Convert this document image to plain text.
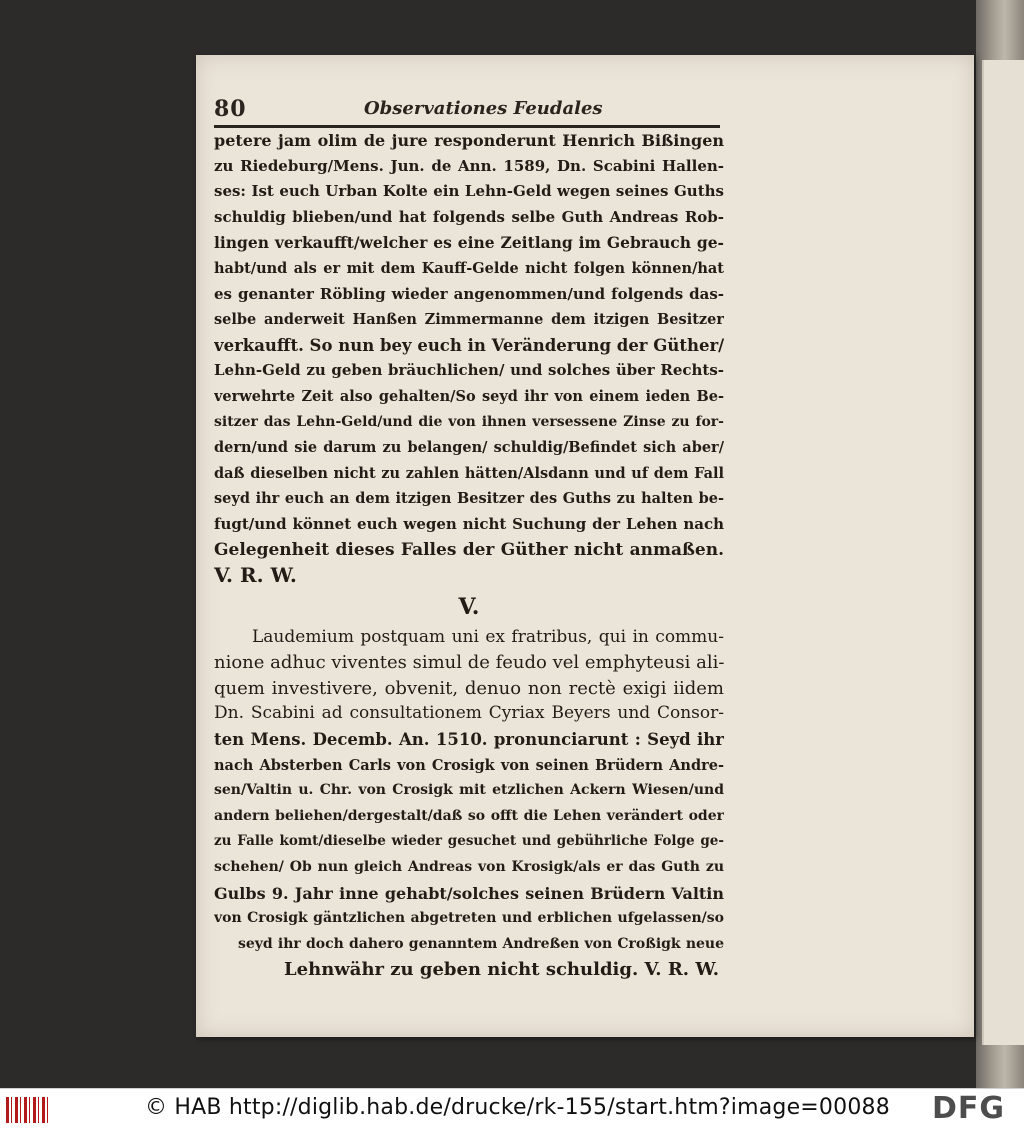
80	Observationes Feudales
petere jam olim de jure responderunt Henrich Bißingen
zu Riedeburg/Mens. Jun. de Ann. 1589, Dn. Scabini Hallen-
ses: Ist euch Urban Kolte ein Lehn-Geld wegen seines Guths
schuldig blieben/und hat folgends selbe Guth Andreas Rob-
lingen verkaufft/welcher es eine Zeitlang im Gebrauch ge-
habt/und als er mit dem Kauff-Gelde nicht folgen können/hat
es genanter Röbling wieder angenommen/und folgends das-
selbe anderweit Hanßen Zimmermanne dem itzigen Besitzer
verkaufft. So nun bey euch in Veränderung der Güther/
Lehn-Geld zu geben bräuchlichen/ und solches über Rechts-
verwehrte Zeit also gehalten/So seyd ihr von einem ieden Be-
sitzer das Lehn-Geld/und die von ihnen versessene Zinse zu for-
dern/und sie darum zu belangen/ schuldig/Befindet sich aber/
daß dieselben nicht zu zahlen hätten/Alsdann und uf dem Fall
seyd ihr euch an dem itzigen Besitzer des Guths zu halten be-
fugt/und könnet euch wegen nicht Suchung der Lehen nach
Gelegenheit dieses Falles der Güther nicht anmaßen.
V. R. W.
V.
Laudemium postquam uni ex fratribus, qui in commu-
nione adhuc viventes simul de feudo vel emphyteusi ali-
quem investivere, obvenit, denuo non rectè exigi iidem
Dn. Scabini ad consultationem Cyriax Beyers und Consor-
ten Mens. Decemb. An. 1510. pronunciarunt : Seyd ihr
nach Absterben Carls von Crosigk von seinen Brüdern Andre-
sen/Valtin u. Chr. von Crosigk mit etzlichen Ackern Wiesen/und
andern beliehen/dergestalt/daß so offt die Lehen verändert oder
zu Falle komt/dieselbe wieder gesuchet und gebührliche Folge ge-
schehen/ Ob nun gleich Andreas von Krosigk/als er das Guth zu
Gulbs 9. Jahr inne gehabt/solches seinen Brüdern Valtin
von Crosigk gäntzlichen abgetreten und erblichen ufgelassen/so
seyd ihr doch dahero genanntem Andreßen von Croßigk neue
Lehnwähr zu geben nicht schuldig. V. R. W.
© HAB http://diglib.hab.de/drucke/rk-155/start.htm?image=00088 DFG
